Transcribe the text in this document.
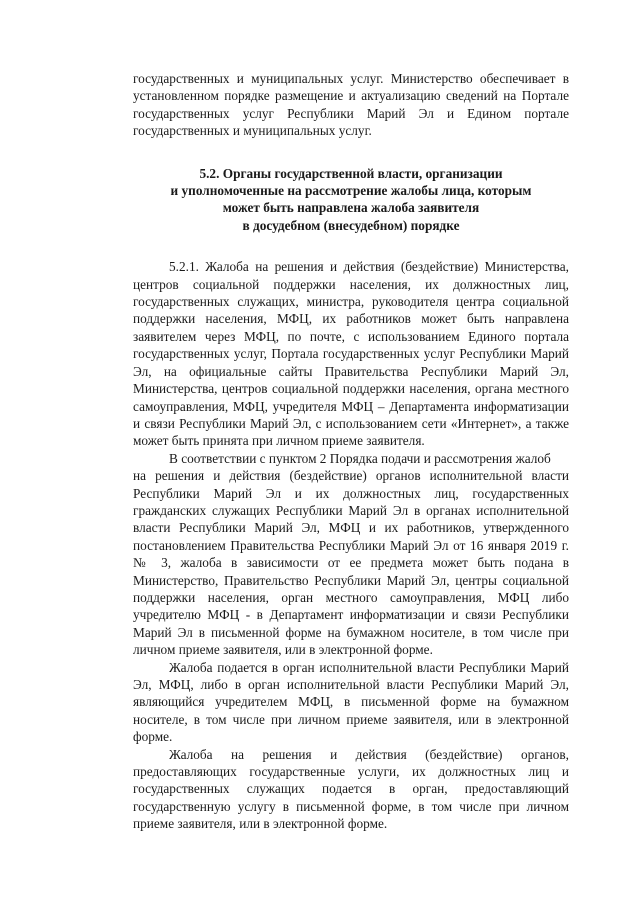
государственных и муниципальных услуг. Министерство обеспечивает в установленном порядке размещение и актуализацию сведений на Портале государственных услуг Республики Марий Эл и Едином портале государственных и муниципальных услуг.

5.2. Органы государственной власти, организации
и уполномоченные на рассмотрение жалобы лица, которым
может быть направлена жалоба заявителя
в досудебном (внесудебном) порядке

5.2.1. Жалоба на решения и действия (бездействие) Министерства, центров социальной поддержки населения, их должностных лиц, государственных служащих, министра, руководителя центра социальной поддержки населения, МФЦ, их работников может быть направлена заявителем через МФЦ, по почте, с использованием Единого портала государственных услуг, Портала государственных услуг Республики Марий Эл, на официальные сайты Правительства Республики Марий Эл, Министерства, центров социальной поддержки населения, органа местного самоуправления, МФЦ, учредителя МФЦ – Департамента информатизации и связи Республики Марий Эл, с использованием сети «Интернет», а также может быть принята при личном приеме заявителя.

В соответствии с пунктом 2 Порядка подачи и рассмотрения жалоб

на решения и действия (бездействие) органов исполнительной власти Республики Марий Эл и их должностных лиц, государственных гражданских служащих Республики Марий Эл в органах исполнительной власти Республики Марий Эл, МФЦ и их работников, утвержденного постановлением Правительства Республики Марий Эл от 16 января 2019 г. № 3, жалоба в зависимости от ее предмета может быть подана в Министерство, Правительство Республики Марий Эл, центры социальной поддержки населения, орган местного самоуправления, МФЦ либо учредителю МФЦ - в Департамент информатизации и связи Республики Марий Эл в письменной форме на бумажном носителе, в том числе при личном приеме заявителя, или в электронной форме.

Жалоба подается в орган исполнительной власти Республики Марий Эл, МФЦ, либо в орган исполнительной власти Республики Марий Эл, являющийся учредителем МФЦ, в письменной форме на бумажном носителе, в том числе при личном приеме заявителя, или в электронной форме.

Жалоба на решения и действия (бездействие) органов, предоставляющих государственные услуги, их должностных лиц и государственных служащих подается в орган, предоставляющий государственную услугу в письменной форме, в том числе при личном приеме заявителя, или в электронной форме.
